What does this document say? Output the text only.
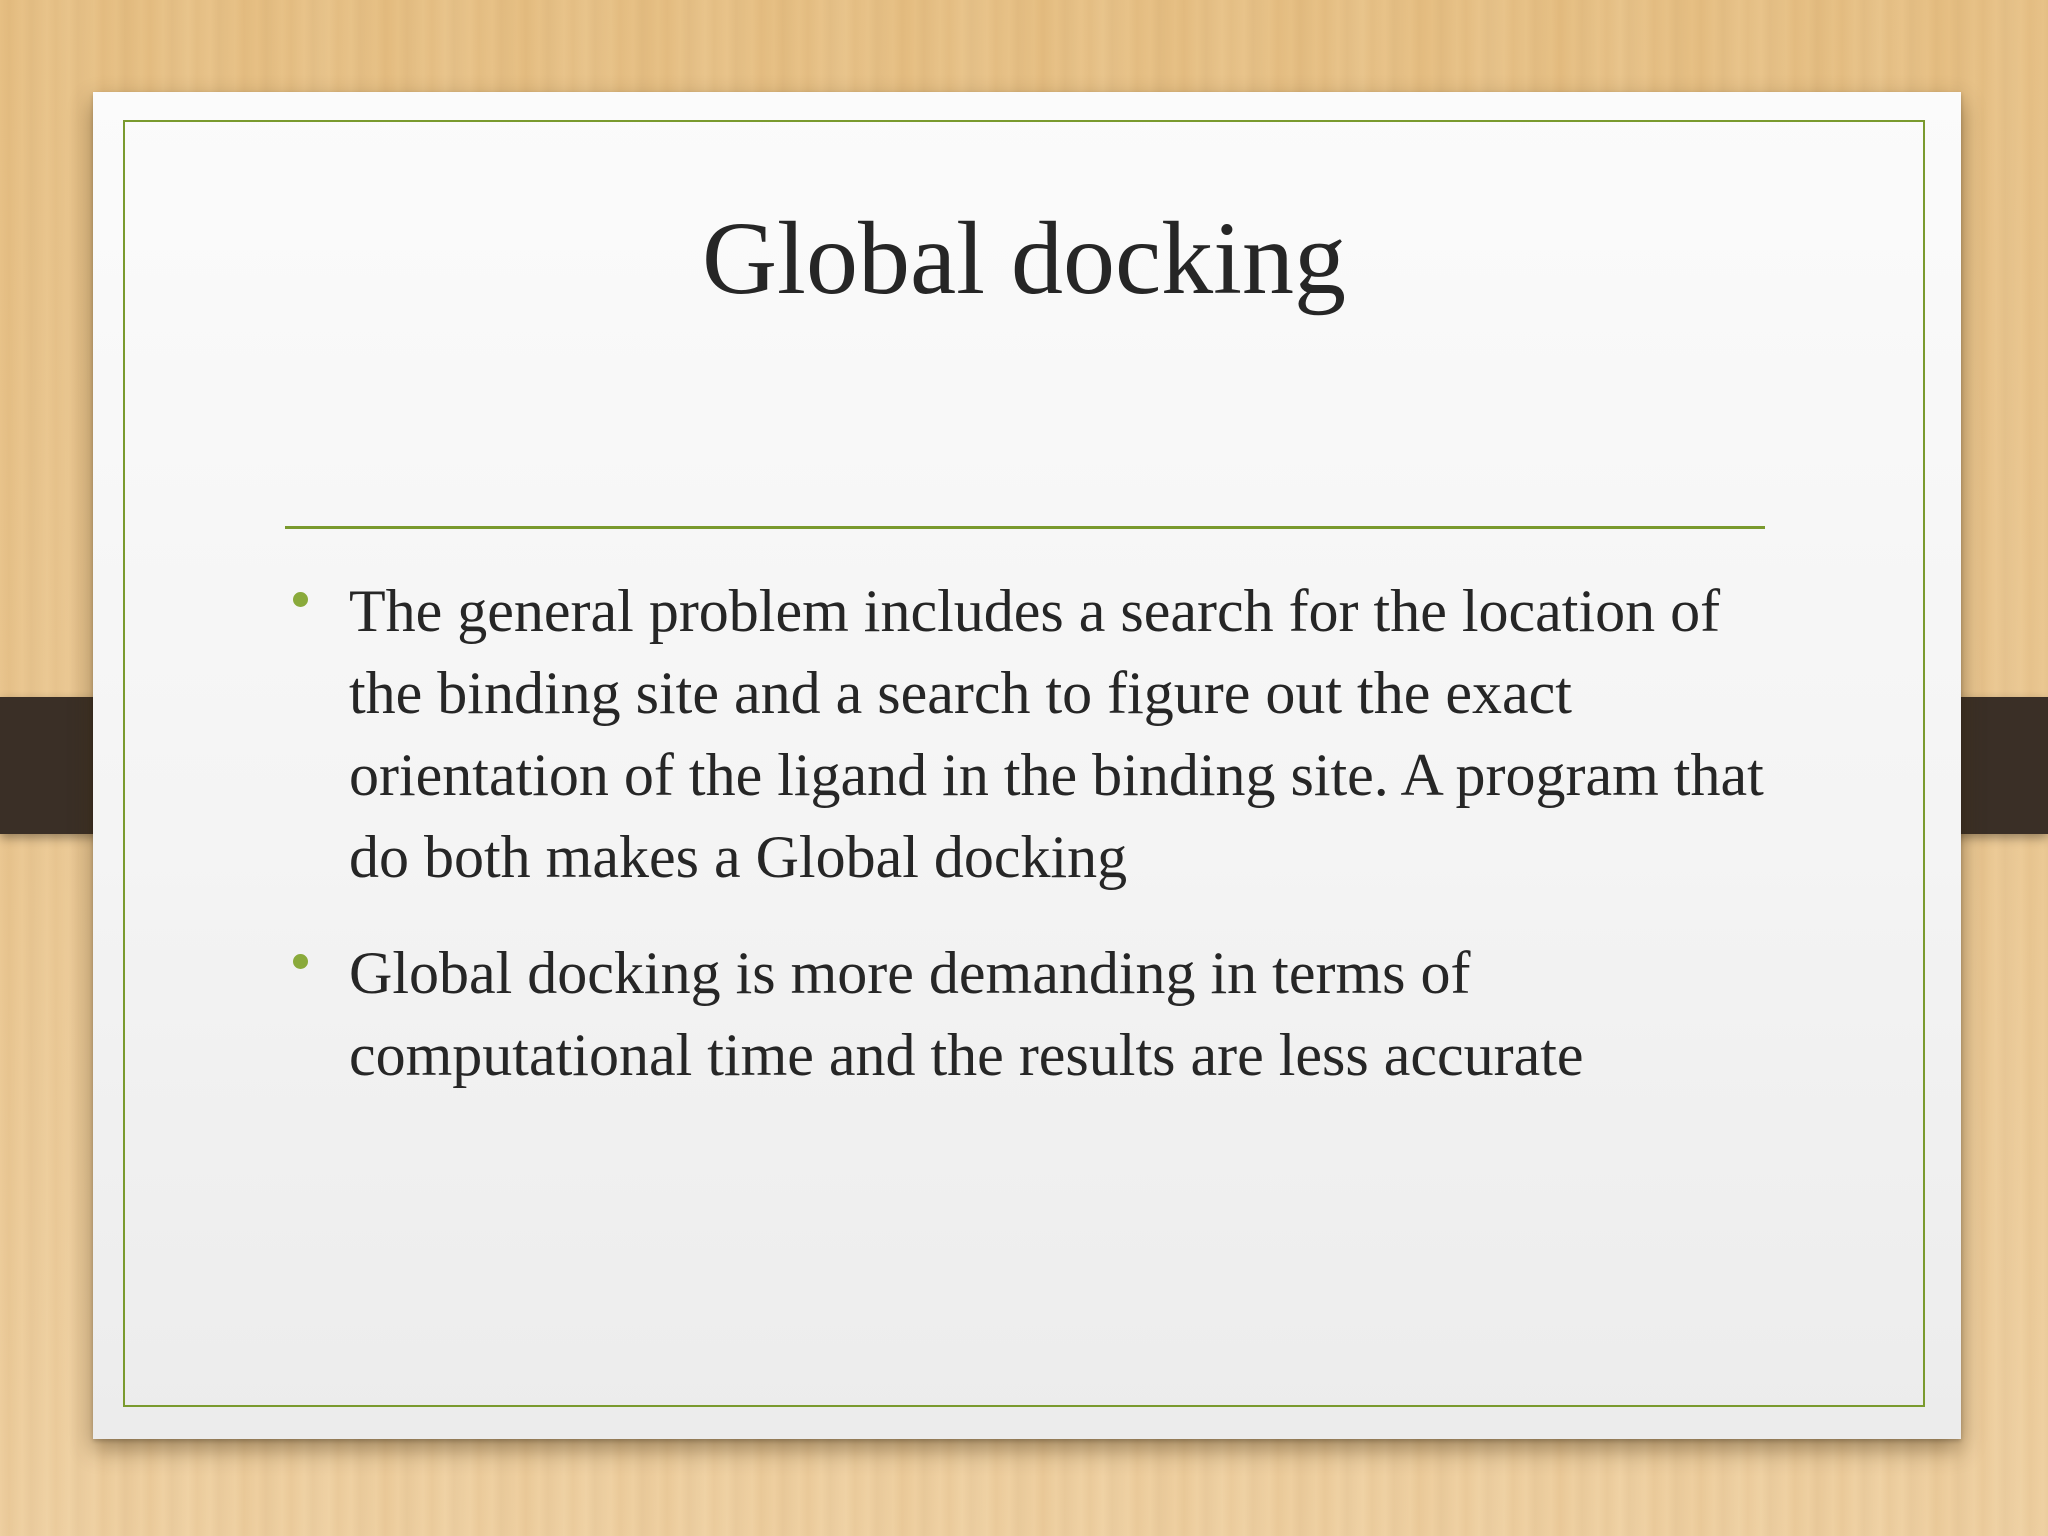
Global docking
The general problem includes a search for the location of the binding site and a search to figure out the exact orientation of the ligand in the binding site. A program that do both makes a Global docking
Global docking is more demanding in terms of computational time and the results are less accurate
